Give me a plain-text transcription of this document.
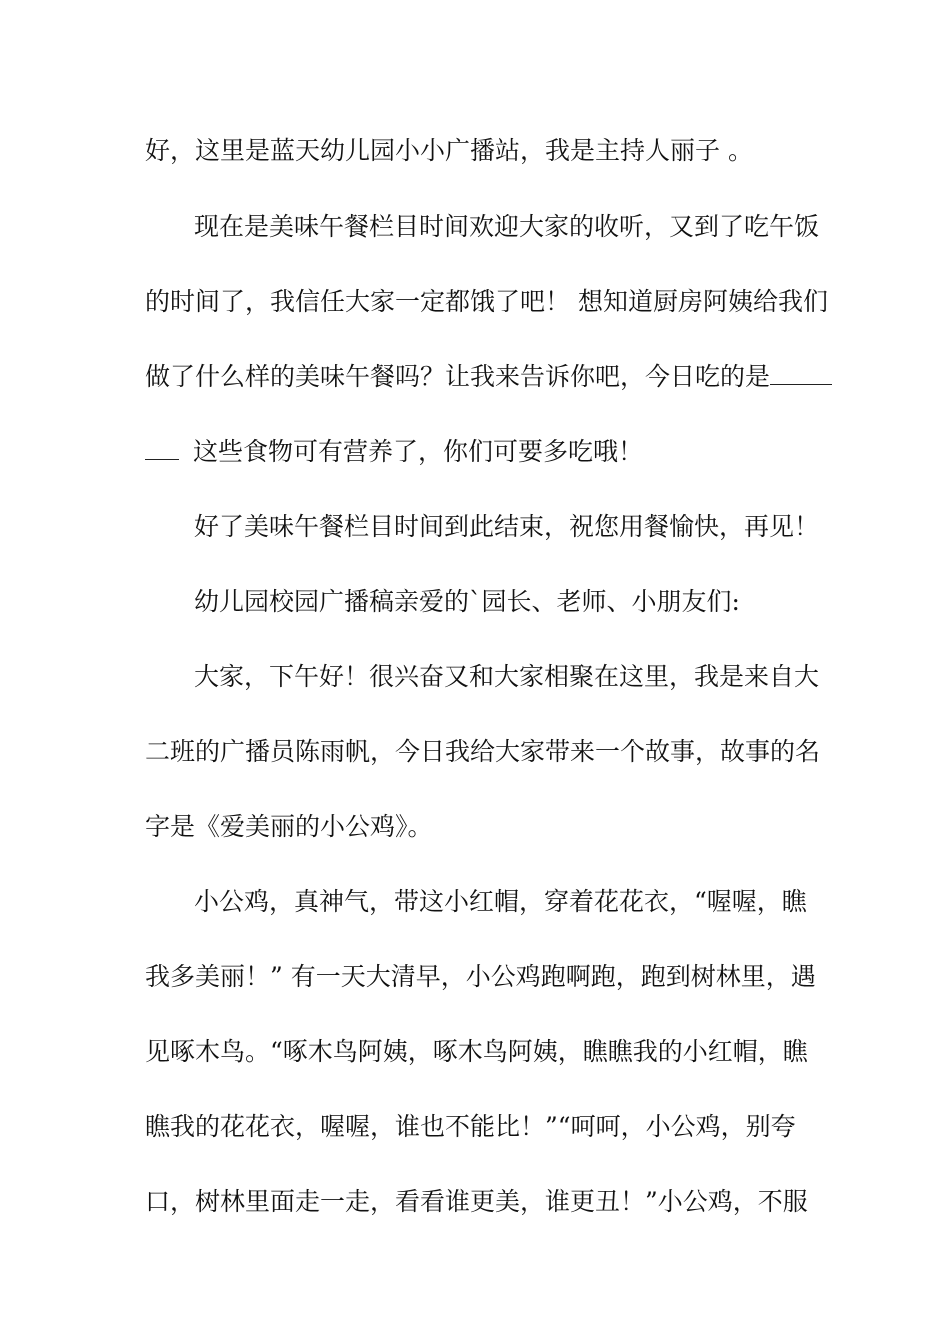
好，这里是蓝天幼儿园小小广播站，我是主持人丽子 。
现在是美味午餐栏目时间欢迎大家的收听，又到了吃午饭
的时间了，我信任大家一定都饿了吧！ 想知道厨房阿姨给我们
做了什么样的美味午餐吗？让我来告诉你吧，今日吃的是
这些食物可有营养了，你们可要多吃哦！
好了美味午餐栏目时间到此结束，祝您用餐愉快，再见！
幼儿园校园广播稿亲爱的`园长、老师、小朋友们:
大家，下午好！很兴奋又和大家相聚在这里，我是来自大
二班的广播员陈雨帆，今日我给大家带来一个故事，故事的名
字是《爱美丽的小公鸡》。
小公鸡，真神气，带这小红帽，穿着花花衣，“喔喔，瞧
我多美丽！” 有一天大清早，小公鸡跑啊跑，跑到树林里，遇
见啄木鸟。“啄木鸟阿姨，啄木鸟阿姨，瞧瞧我的小红帽，瞧
瞧我的花花衣，喔喔，谁也不能比！”“呵呵，小公鸡，别夸
口，树林里面走一走，看看谁更美，谁更丑！”小公鸡，不服
